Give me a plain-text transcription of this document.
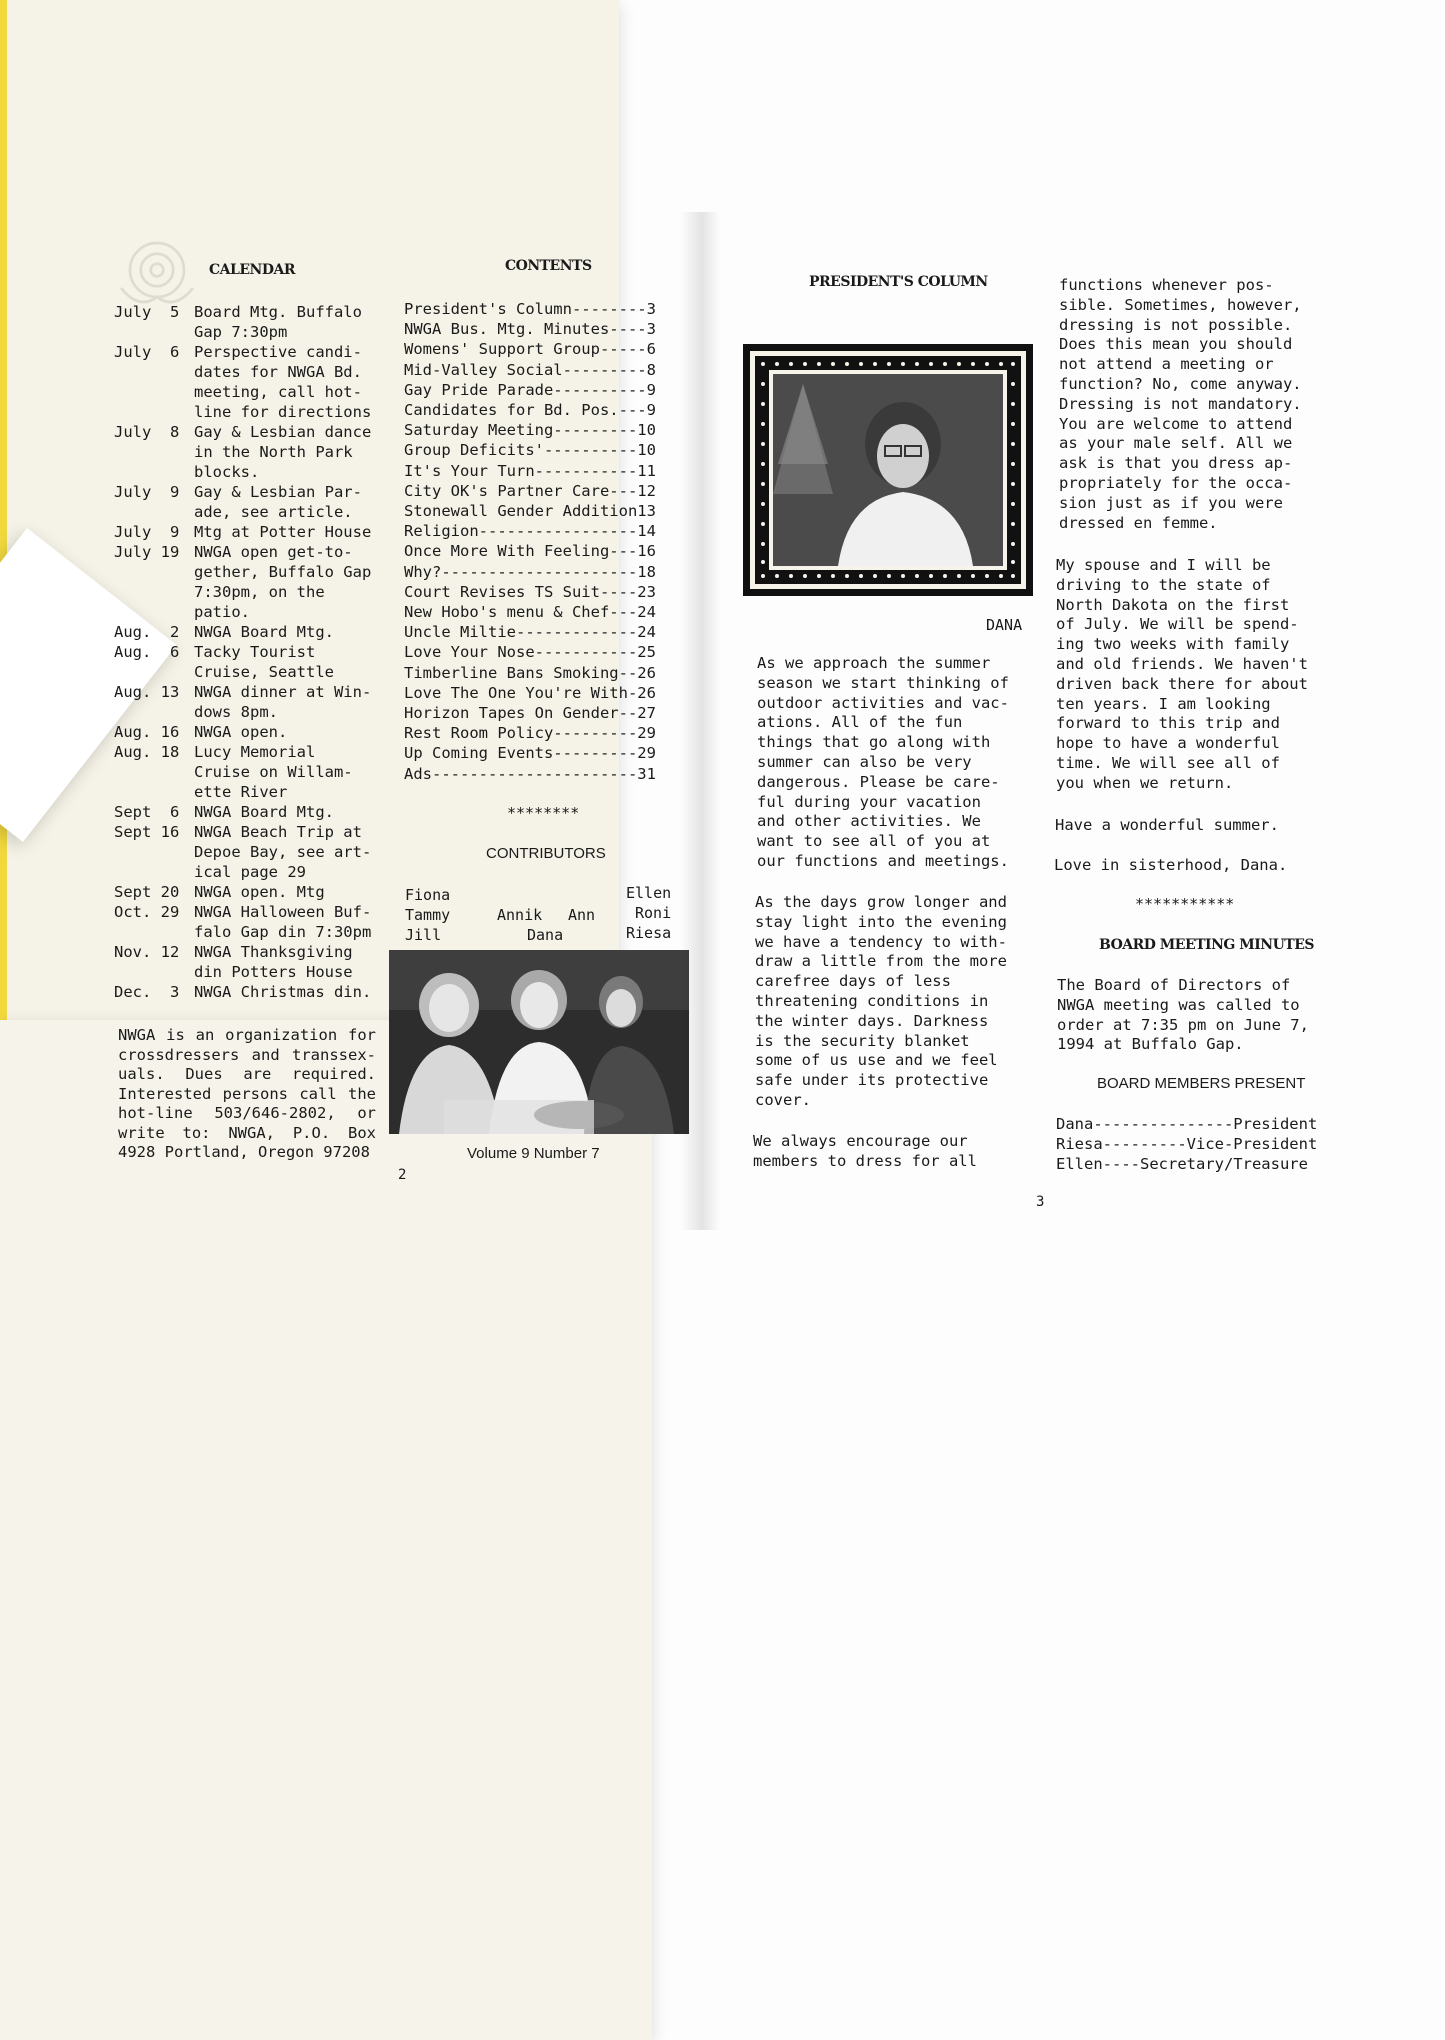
CALENDAR
July  5 Board Mtg. Buffalo
Gap 7:30pm
July  6 Perspective candi-
dates for NWGA Bd.
meeting, call hot-
line for directions
July  8 Gay & Lesbian dance
in the North Park
blocks.
July  9 Gay & Lesbian Par-
ade, see article.
July  9 Mtg at Potter House
July 19 NWGA open get-to-
gether, Buffalo Gap
7:30pm, on the
patio.
Aug.  2 NWGA Board Mtg.
Aug.  6 Tacky Tourist
Cruise, Seattle
Aug. 13 NWGA dinner at Win-
dows 8pm.
Aug. 16 NWGA open.
Aug. 18 Lucy Memorial
Cruise on Willam-
ette River
Sept  6 NWGA Board Mtg.
Sept 16 NWGA Beach Trip at
Depoe Bay, see art-
ical page 29
Sept 20 NWGA open. Mtg
Oct. 29 NWGA Halloween Buf-
falo Gap din 7:30pm
Nov. 12 NWGA Thanksgiving
din Potters House
Dec.  3 NWGA Christmas din.
NWGA is an organization for crossdressers and transsex-uals. Dues are required. Interested persons call the hot-line 503/646-2802, or write to: NWGA, P.O. Box 4928 Portland, Oregon 97208
CONTENTS
President's Column--------3
NWGA Bus. Mtg. Minutes----3
Womens' Support Group-----6
Mid-Valley Social---------8
Gay Pride Parade----------9
Candidates for Bd. Pos.---9
Saturday Meeting---------10
Group Deficits'----------10
It's Your Turn-----------11
City OK's Partner Care---12
Stonewall Gender Addition13
Religion-----------------14
Once More With Feeling---16
Why?---------------------18
Court Revises TS Suit----23
New Hobo's menu & Chef---24
Uncle Miltie-------------24
Love Your Nose-----------25
Timberline Bans Smoking--26
Love The One You're With-26
Horizon Tapes On Gender--27
Rest Room Policy---------29
Up Coming Events---------29
Ads----------------------31
********
CONTRIBUTORS
Fiona
Tammy
Jill
Annik Ann
Dana
Ellen
Roni
Riesa
Volume 9 Number 7
2
PRESIDENT'S COLUMN
DANA
As we approach the summer
season we start thinking of
outdoor activities and vac-
ations. All of the fun
things that go along with
summer can also be very
dangerous. Please be care-
ful during your vacation
and other activities. We
want to see all of you at
our functions and meetings.
As the days grow longer and
stay light into the evening
we have a tendency to with-
draw a little from the more
carefree days of less
threatening conditions in
the winter days. Darkness
is the security blanket
some of us use and we feel
safe under its protective
cover.
We always encourage our
members to dress for all
functions whenever pos-
sible. Sometimes, however,
dressing is not possible.
Does this mean you should
not attend a meeting or
function? No, come anyway.
Dressing is not mandatory.
You are welcome to attend
as your male self. All we
ask is that you dress ap-
propriately for the occa-
sion just as if you were
dressed en femme.
My spouse and I will be
driving to the state of
North Dakota on the first
of July. We will be spend-
ing two weeks with family
and old friends. We haven't
driven back there for about
ten years. I am looking
forward to this trip and
hope to have a wonderful
time. We will see all of
you when we return.
Have a wonderful summer.
Love in sisterhood, Dana.
***********
BOARD MEETING MINUTES
The Board of Directors of
NWGA meeting was called to
order at 7:35 pm on June 7,
1994 at Buffalo Gap.
BOARD MEMBERS PRESENT
Dana---------------President
Riesa---------Vice-President
Ellen----Secretary/Treasure
3
